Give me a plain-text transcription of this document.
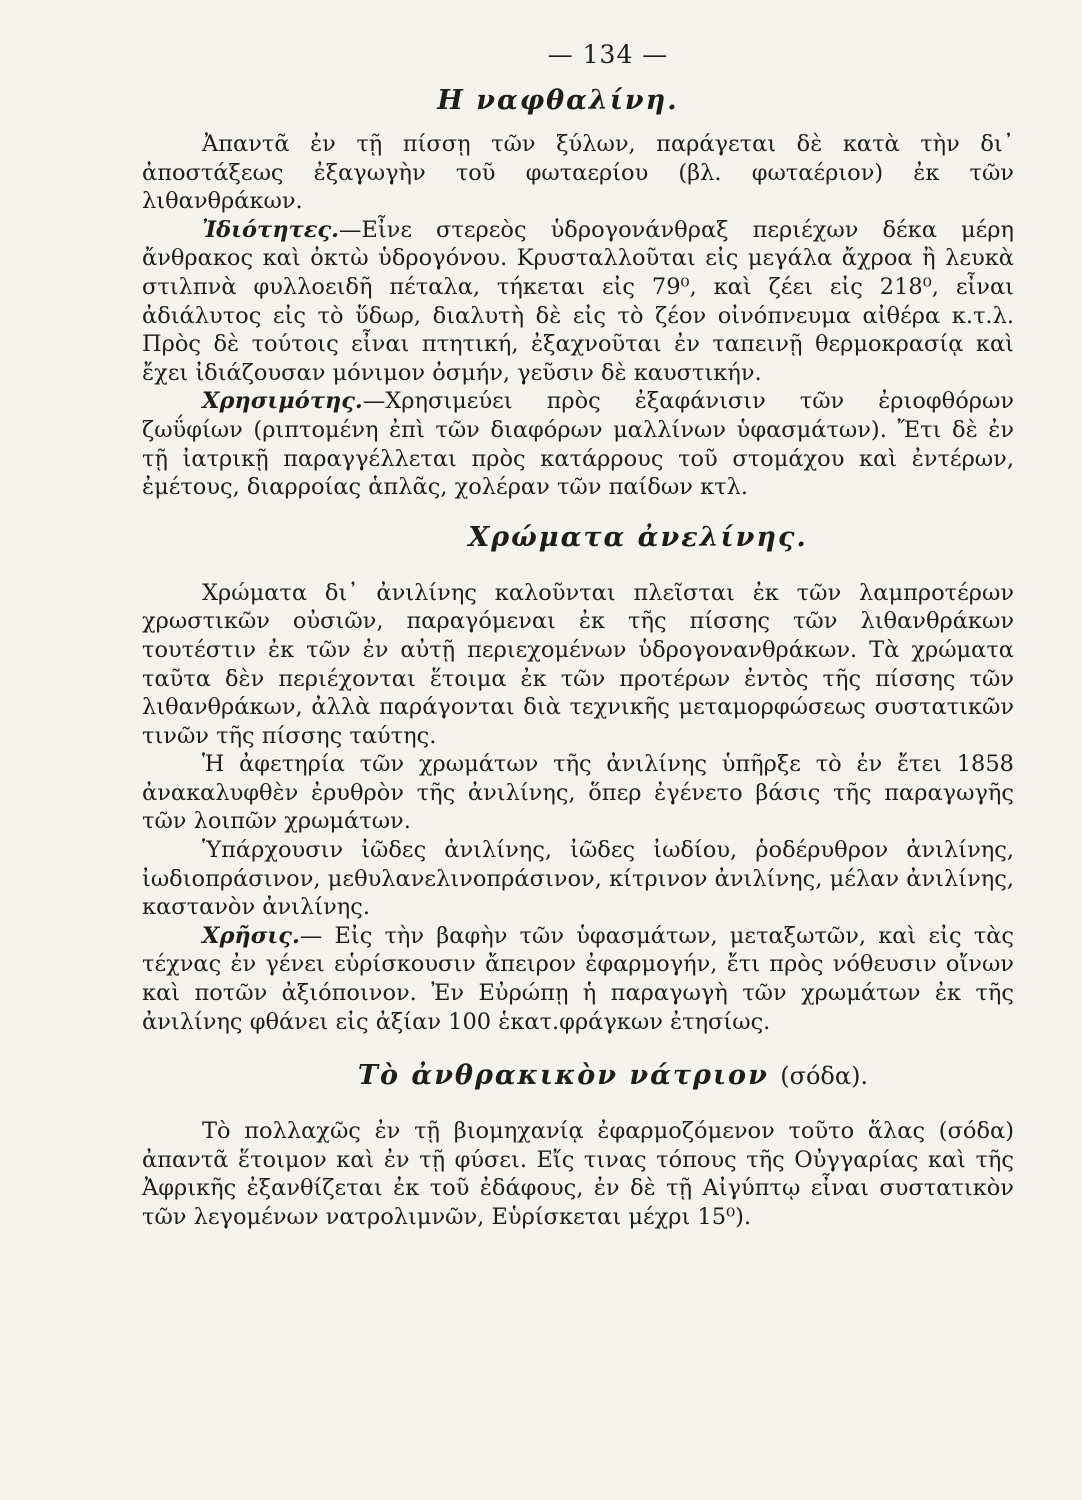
— 134 —
Η ναφθαλίνη.

Ἀπαντᾶ ἐν τῇ πίσσῃ τῶν ξύλων, παράγεται δὲ κατὰ τὴν δι᾽ ἀποστάξεως ἐξαγωγὴν τοῦ φωταερίου (βλ. φωταέριον) ἐκ τῶν λιθανθράκων.

Ἰδιότητες.—Εἶνε στερεὸς ὑδρογονάνθραξ περιέχων δέκα μέρη ἄνθρακος καὶ ὀκτὼ ὑδρογόνου. Κρυσταλλοῦται εἰς μεγάλα ἄχροα ἢ λευκὰ στιλπνὰ φυλλοειδῆ πέταλα, τήκεται εἰς 79⁰, καὶ ζέει εἰς 218⁰, εἶναι ἀδιάλυτος εἰς τὸ ὕδωρ, διαλυτὴ δὲ εἰς τὸ ζέον οἰνόπνευμα αἰθέρα κ.τ.λ. Πρὸς δὲ τούτοις εἶναι πτητική, ἐξαχνοῦται ἐν ταπεινῇ θερμοκρασίᾳ καὶ ἔχει ἰδιάζουσαν μόνιμον ὀσμήν, γεῦσιν δὲ καυστικήν.

Χρησιμότης.—Χρησιμεύει πρὸς ἐξαφάνισιν τῶν ἐριοφθόρων ζωΰφίων (ριπτομένη ἐπὶ τῶν διαφόρων μαλλίνων ὑφασμάτων). Ἔτι δὲ ἐν τῇ ἰατρικῇ παραγγέλλεται πρὸς κατάρρους τοῦ στομάχου καὶ ἐντέρων, ἐμέτους, διαρροίας ἁπλᾶς, χολέραν τῶν παίδων κτλ.

Χρώματα ἀνελίνης.

Χρώματα δι᾽ ἀνιλίνης καλοῦνται πλεῖσται ἐκ τῶν λαμπροτέρων χρωστικῶν οὐσιῶν, παραγόμεναι ἐκ τῆς πίσσης τῶν λιθανθράκων τουτέστιν ἐκ τῶν ἐν αὐτῇ περιεχομένων ὑδρογονανθράκων. Τὰ χρώματα ταῦτα δὲν περιέχονται ἕτοιμα ἐκ τῶν προτέρων ἐντὸς τῆς πίσσης τῶν λιθανθράκων, ἀλλὰ παράγονται διὰ τεχνικῆς μεταμορφώσεως συστατικῶν τινῶν τῆς πίσσης ταύτης.

Ἡ ἀφετηρία τῶν χρωμάτων τῆς ἀνιλίνης ὑπῆρξε τὸ ἐν ἔτει 1858 ἀνακαλυφθὲν ἐρυθρὸν τῆς ἀνιλίνης, ὅπερ ἐγένετο βάσις τῆς παραγωγῆς τῶν λοιπῶν χρωμάτων.

Ὑπάρχουσιν ἰῶδες ἀνιλίνης, ἰῶδες ἰωδίου, ῥοδέρυθρον ἀνιλίνης, ἰωδιοπράσινον, μεθυλανελινοπράσινον, κίτρινον ἀνιλίνης, μέλαν ἀνιλίνης, καστανὸν ἀνιλίνης.

Χρῆσις.— Εἰς τὴν βαφὴν τῶν ὑφασμάτων, μεταξωτῶν, καὶ εἰς τὰς τέχνας ἐν γένει εὑρίσκουσιν ἄπειρον ἐφαρμογήν, ἔτι πρὸς νόθευσιν οἴνων καὶ ποτῶν ἀξιόποινον. Ἐν Εὐρώπῃ ἡ παραγωγὴ τῶν χρωμάτων ἐκ τῆς ἀνιλίνης φθάνει εἰς ἀξίαν 100 ἑκατ.φράγκων ἐτησίως.

Τὸ ἀνθρακικὸν νάτριον (σόδα).

Τὸ πολλαχῶς ἐν τῇ βιομηχανίᾳ ἐφαρμοζόμενον τοῦτο ἅλας (σόδα) ἀπαντᾶ ἕτοιμον καὶ ἐν τῇ φύσει. Εἴς τινας τόπους τῆς Οὐγγαρίας καὶ τῆς Ἀφρικῆς ἐξανθίζεται ἐκ τοῦ ἐδάφους, ἐν δὲ τῇ Αἰγύπτῳ εἶναι συστατικὸν τῶν λεγομένων νατρολιμνῶν, Εὑρίσκεται μέχρι 15⁰).
